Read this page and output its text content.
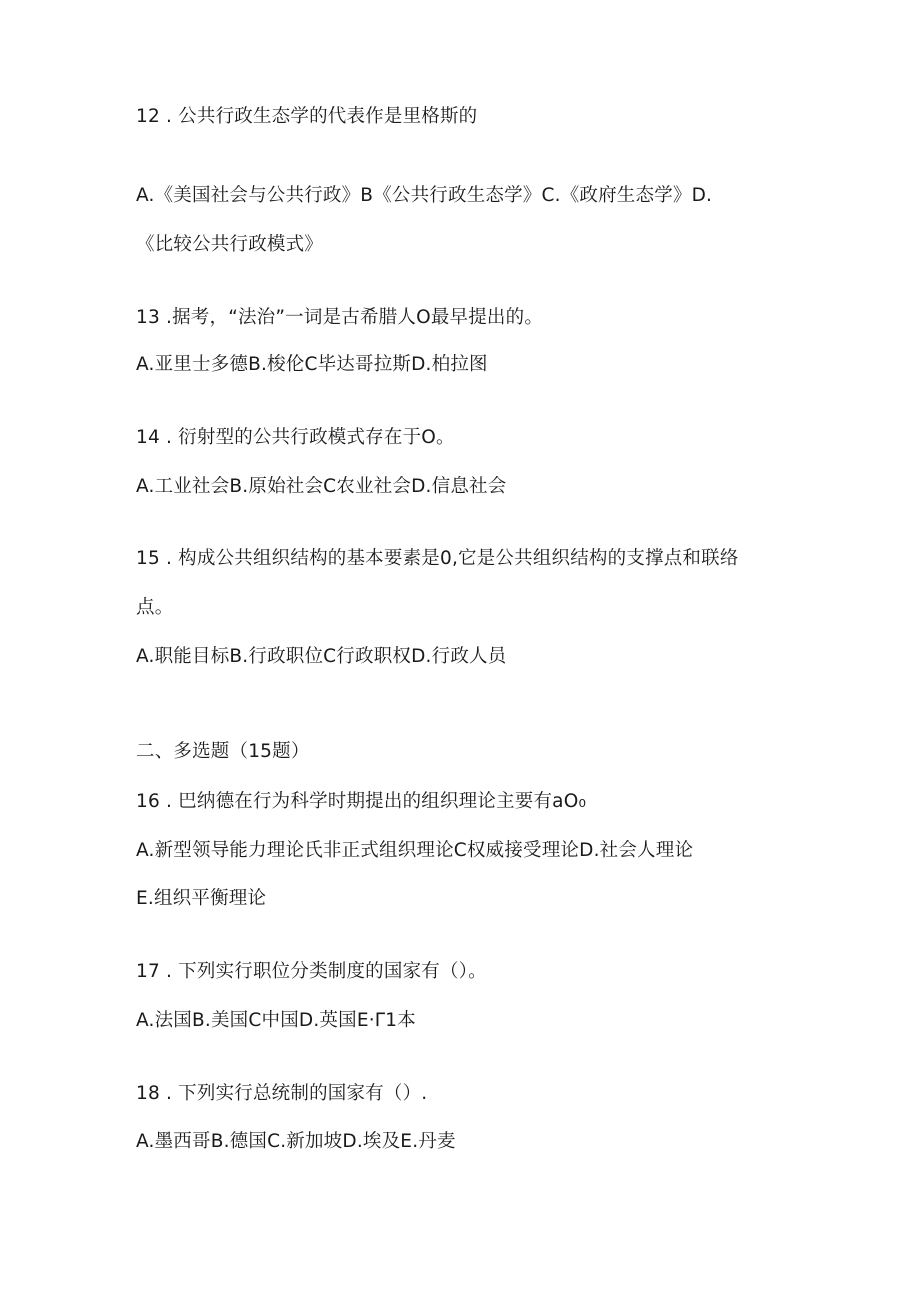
12 . 公共行政生态学的代表作是里格斯的
A.《美国社会与公共行政》B《公共行政生态学》C.《政府生态学》D.
《比较公共行政模式》
13 .据考，“法治”一词是古希腊人O最早提出的。
A.亚里士多德B.梭伦C毕达哥拉斯D.柏拉图
14 . 衍射型的公共行政模式存在于O。
A.工业社会B.原始社会C农业社会D.信息社会
15 . 构成公共组织结构的基本要素是0,它是公共组织结构的支撑点和联络
点。
A.职能目标B.行政职位C行政职权D.行政人员
二、多选题（15题）
16 . 巴纳德在行为科学时期提出的组织理论主要有aO₀
A.新型领导能力理论氏非正式组织理论C权威接受理论D.社会人理论
E.组织平衡理论
17 . 下列实行职位分类制度的国家有（）。
A.法国B.美国C中国D.英国E·Γ1本
18 . 下列实行总统制的国家有（）.
A.墨西哥B.德国C.新加坡D.埃及E.丹麦
